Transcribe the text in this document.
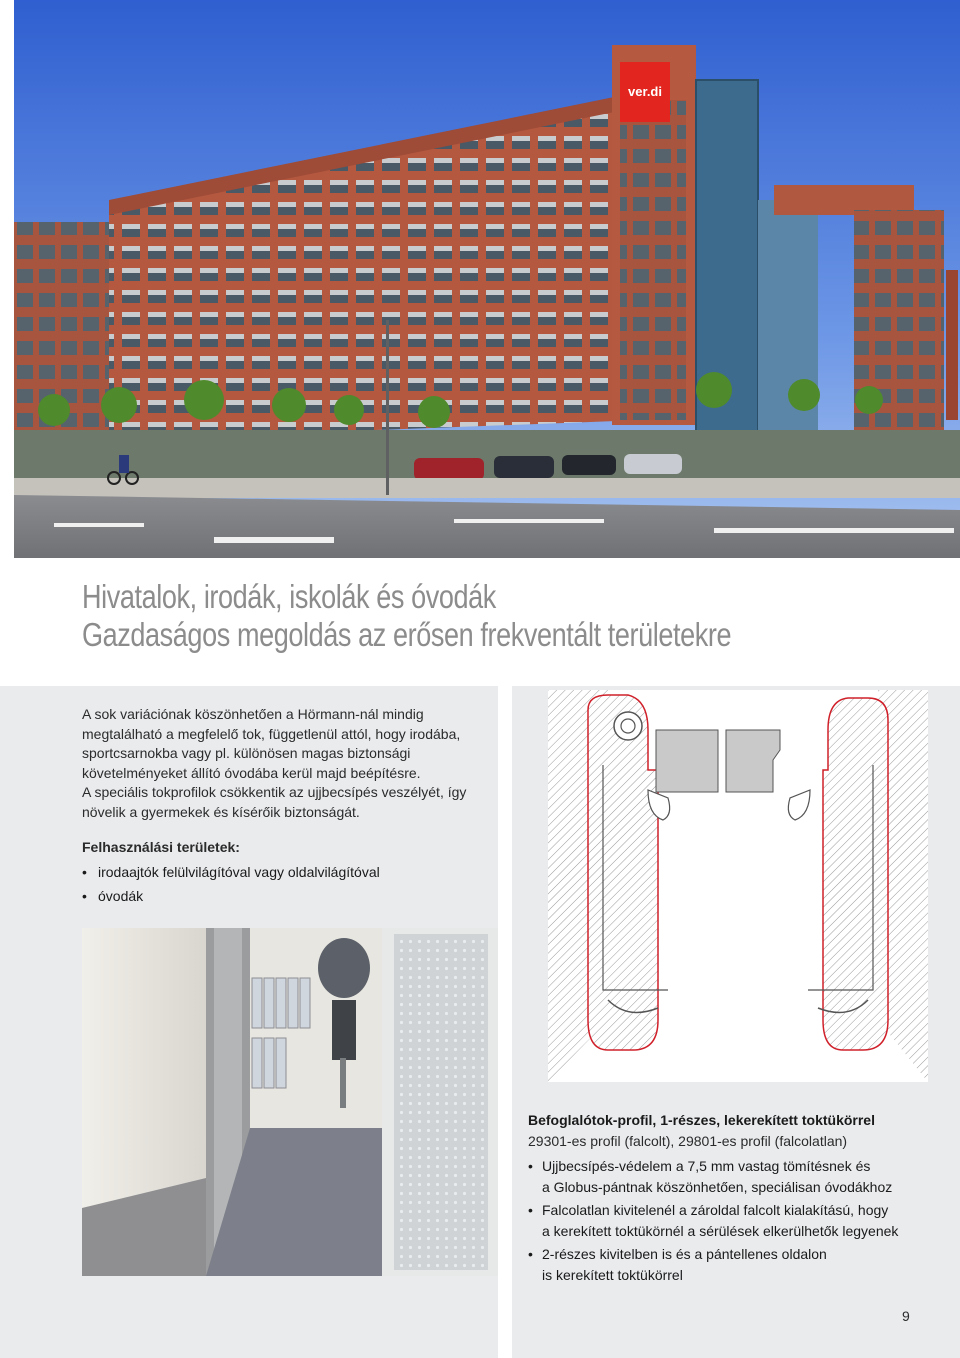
ver.di
Hivatalok, irodák, iskolák és óvodák
Gazdaságos megoldás az erősen frekventált területekre

A sok variációnak köszönhetően a Hörmann-nál mindig megtalálható a megfelelő tok, függetlenül attól, hogy irodába, sportcsarnokba vagy pl. különösen magas biztonsági követelményeket állító óvodába kerül majd beépítésre.

A speciális tokprofilok csökkentik az ujjbecsípés veszélyét, így növelik a gyermekek és kísérőik biztonságát.

Felhasználási területek:
• irodaajtók felülvilágítóval vagy oldalvilágítóval
• óvodák
Befoglalótok-profil, 1-részes, lekerekített toktükörrel
29301-es profil (falcolt), 29801-es profil (falcolatlan)
• Ujjbecsípés-védelem a 7,5 mm vastag tömítésnek és
a Globus-pántnak köszönhetően, speciálisan óvodákhoz
• Falcolatlan kivitelenél a zároldal falcolt kialakítású, hogy
a kerekített toktükörnél a sérülések elkerülhetők legyenek
• 2-részes kivitelben is és a pántellenes oldalon
is kerekített toktükörrel
9
